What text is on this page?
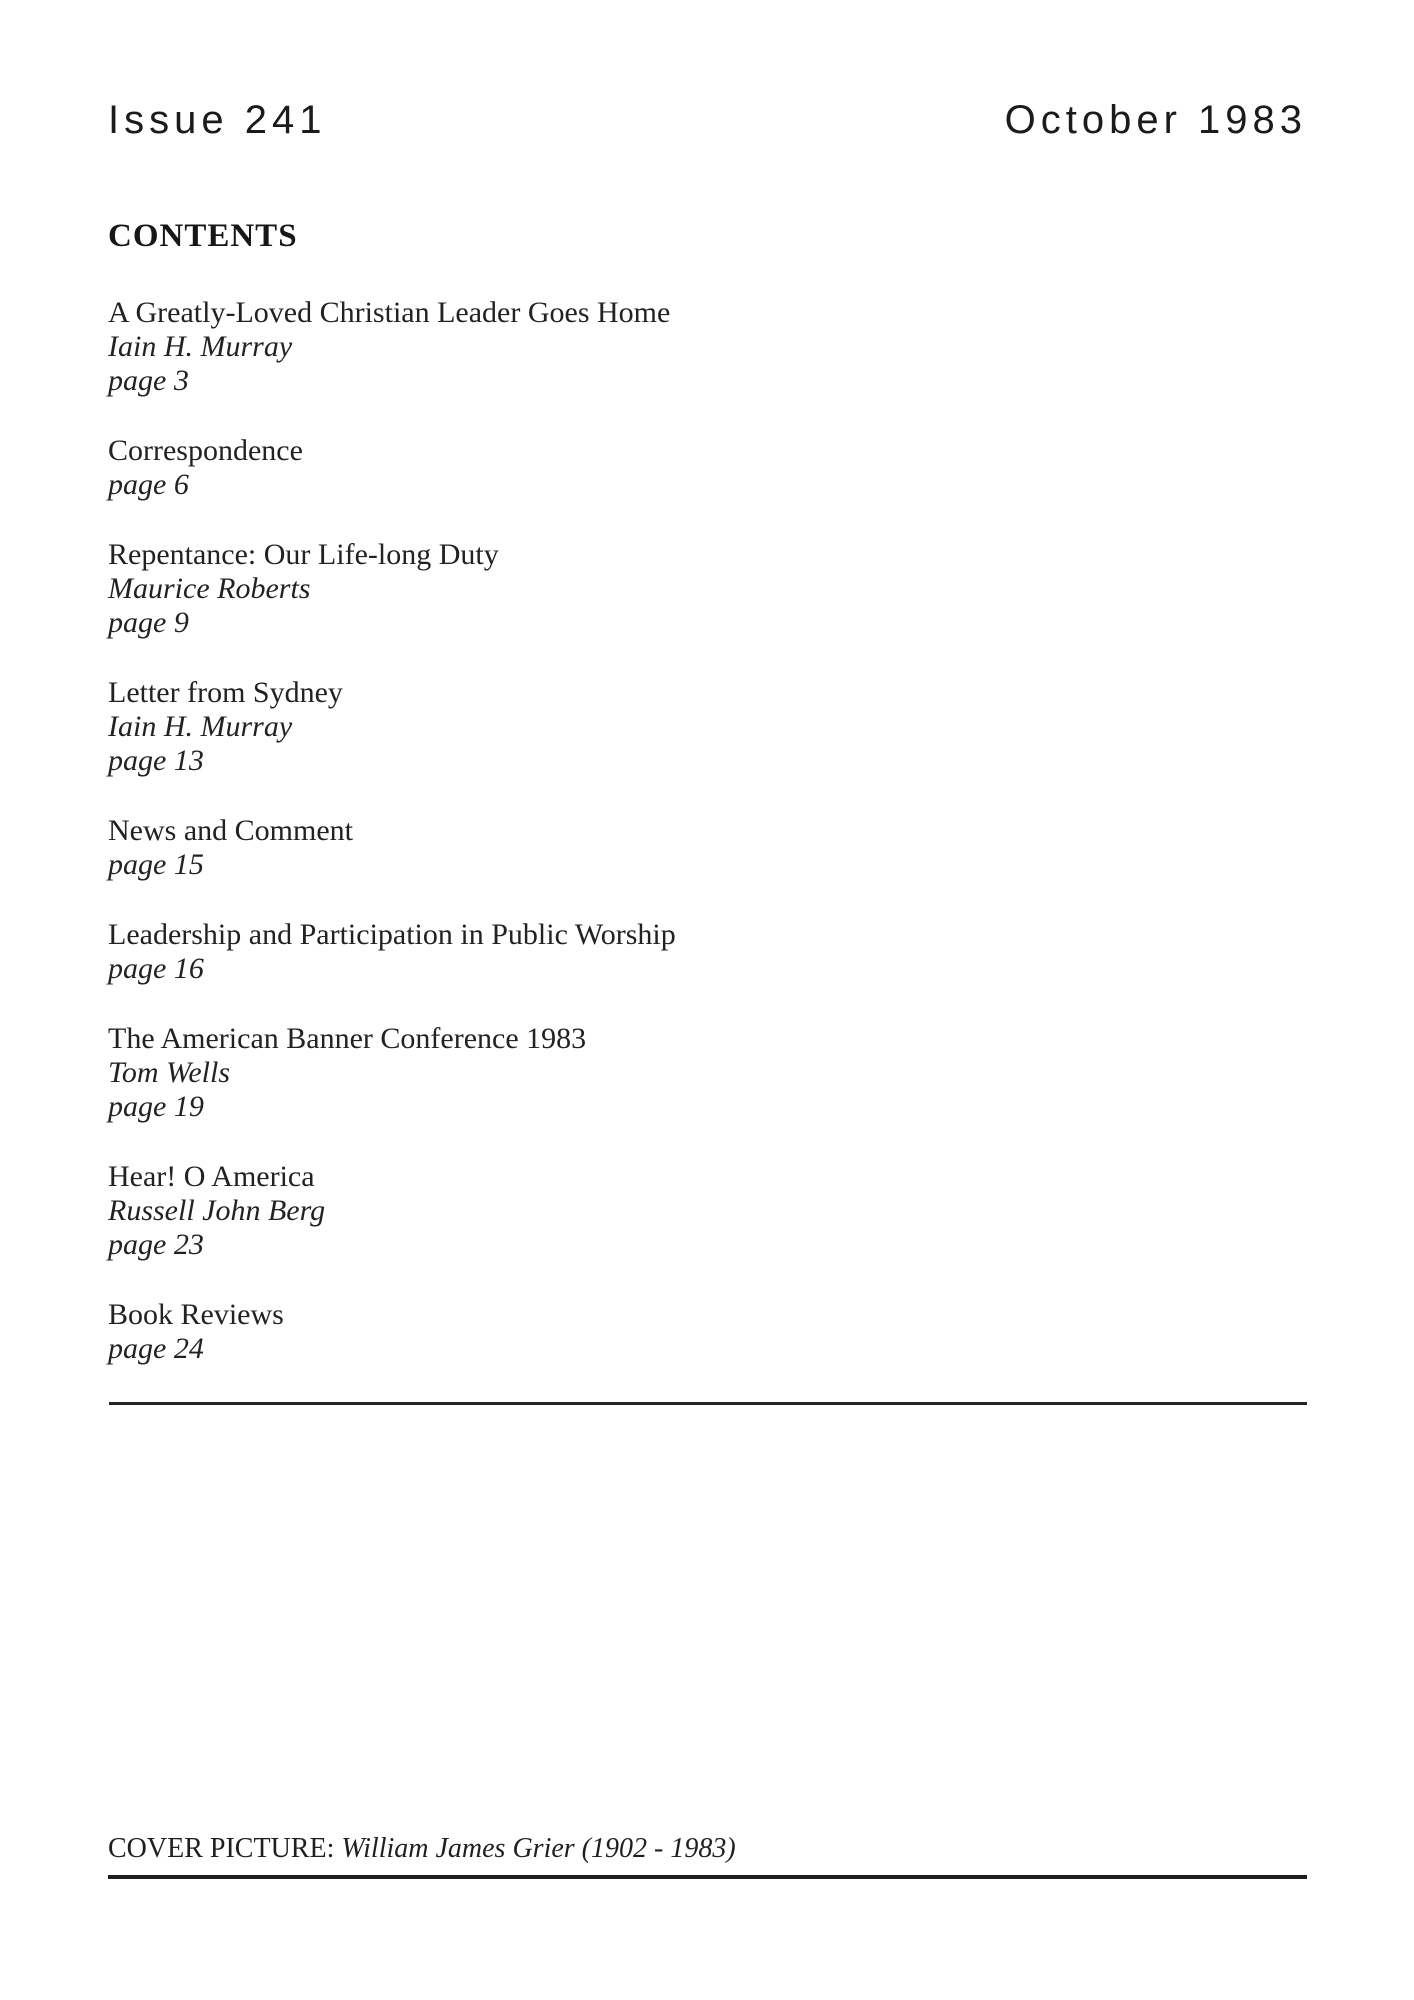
Issue 241	October 1983
CONTENTS
A Greatly-Loved Christian Leader Goes Home
Iain H. Murray
page 3
Correspondence
page 6
Repentance: Our Life-long Duty
Maurice Roberts
page 9
Letter from Sydney
Iain H. Murray
page 13
News and Comment
page 15
Leadership and Participation in Public Worship
page 16
The American Banner Conference 1983
Tom Wells
page 19
Hear! O America
Russell John Berg
page 23
Book Reviews
page 24
COVER PICTURE: William James Grier (1902 - 1983)
